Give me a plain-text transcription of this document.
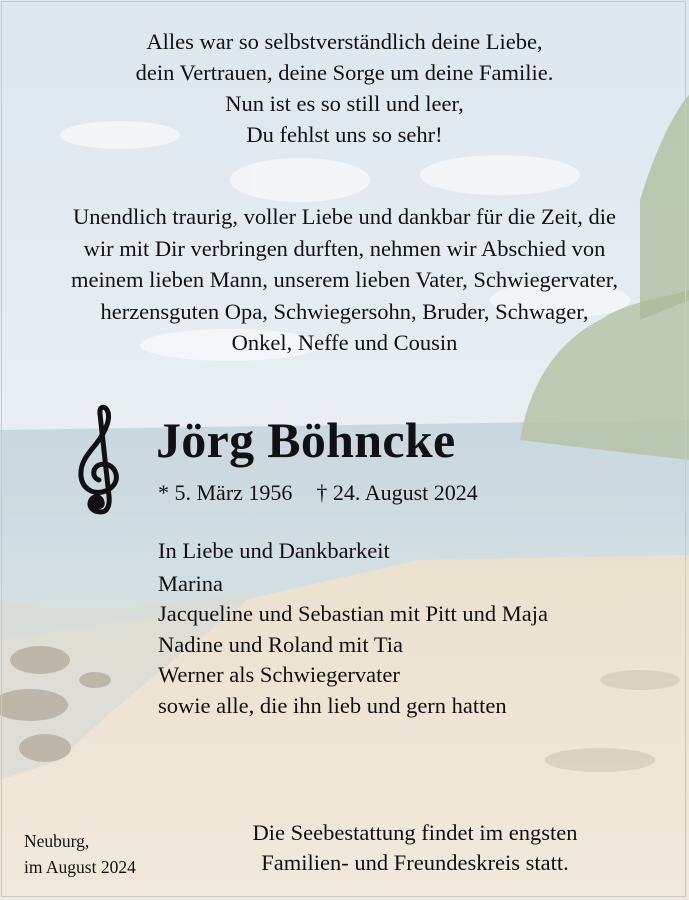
Alles war so selbstverständlich deine Liebe,
dein Vertrauen, deine Sorge um deine Familie.
Nun ist es so still und leer,
Du fehlst uns so sehr!
Unendlich traurig, voller Liebe und dankbar für die Zeit, die
wir mit Dir verbringen durften, nehmen wir Abschied von
meinem lieben Mann, unserem lieben Vater, Schwiegervater,
herzensguten Opa, Schwiegersohn, Bruder, Schwager,
Onkel, Neffe und Cousin
Jörg Böhncke
* 5. März 1956 † 24. August 2024
In Liebe und Dankbarkeit
Marina
Jacqueline und Sebastian mit Pitt und Maja
Nadine und Roland mit Tia
Werner als Schwiegervater
sowie alle, die ihn lieb und gern hatten
Neuburg,
im August 2024
Die Seebestattung findet im engsten
Familien- und Freundeskreis statt.
